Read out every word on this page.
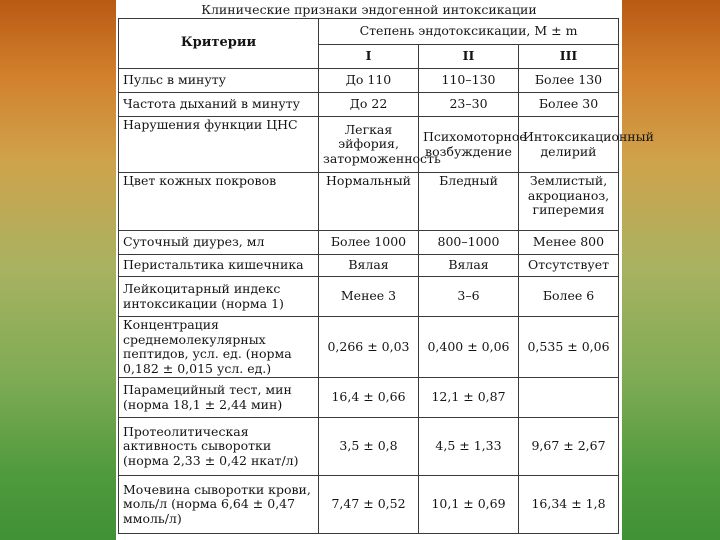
Клинические признаки эндогенной интоксикации
Критерии	Степень эндотоксикации, М ± m		
	I	II	III
Пульс в минуту	До 110	110–130	Более 130
Частота дыханий в минуту	До 22	23–30	Более 30
Нарушения функции ЦНС	Легкая эйфория, заторможенность	Психомоторное возбуждение	Интоксикационный делирий
Цвет кожных покровов	Нормальный	Бледный	Землистый, акроцианоз, гиперемия
Суточный диурез, мл	Более 1000	800–1000	Менее 800
Перистальтика кишечника	Вялая	Вялая	Отсутствует
Лейкоцитарный индекс интоксикации (норма 1)	Менее 3	3–6	Более 6
Концентрация среднемолекулярных пептидов, усл. ед. (норма 0,182 ± 0,015 усл. ед.)	0,266 ± 0,03	0,400 ± 0,06	0,535 ± 0,06
Парамецийный тест, мин (норма 18,1 ± 2,44 мин)	16,4 ± 0,66	12,1 ± 0,87	
Протеолитическая активность сыворотки (норма 2,33 ± 0,42 нкат/л)	3,5 ± 0,8	4,5 ± 1,33	9,67 ± 2,67
Мочевина сыворотки крови, моль/л (норма 6,64 ± 0,47 ммоль/л)	7,47 ± 0,52	10,1 ± 0,69	16,34 ± 1,8
